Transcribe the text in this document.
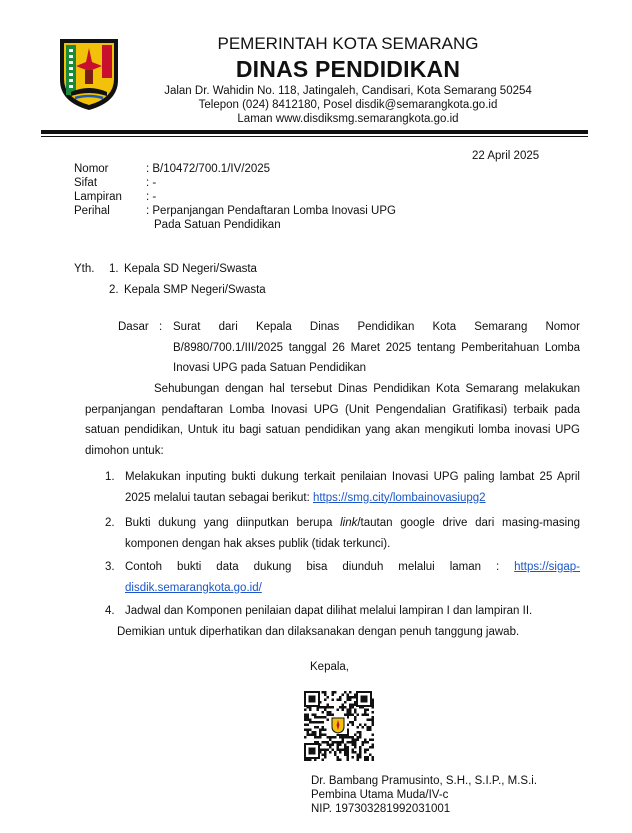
PEMERINTAH KOTA SEMARANG
DINAS PENDIDIKAN
Jalan Dr. Wahidin No. 118, Jatingaleh, Candisari, Kota Semarang 50254
Telepon (024) 8412180, Posel disdik@semarangkota.go.id
Laman www.disdiksmg.semarangkota.go.id
22 April 2025
Nomor	: B/10472/700.1/IV/2025
Sifat	: -
Lampiran	: -
Perihal	: Perpanjangan Pendaftaran Lomba Inovasi UPG
Pada Satuan Pendidikan
Yth. 1. Kepala SD Negeri/Swasta
2. Kepala SMP Negeri/Swasta
Dasar : Surat dari Kepala Dinas Pendidikan Kota Semarang Nomor B/8980/700.1/III/2025 tanggal 26 Maret 2025 tentang Pemberitahuan Lomba Inovasi UPG pada Satuan Pendidikan
Sehubungan dengan hal tersebut Dinas Pendidikan Kota Semarang melakukan perpanjangan pendaftaran Lomba Inovasi UPG (Unit Pengendalian Gratifikasi) terbaik pada satuan pendidikan, Untuk itu bagi satuan pendidikan yang akan mengikuti lomba inovasi UPG dimohon untuk:
1. Melakukan inputing bukti dukung terkait penilaian Inovasi UPG paling lambat 25 April 2025 melalui tautan sebagai berikut: https://smg.city/lombainovasiupg2
2. Bukti dukung yang diinputkan berupa link/tautan google drive dari masing-masing komponen dengan hak akses publik (tidak terkunci).
3. Contoh bukti data dukung bisa diunduh melalui laman : https://sigap-disdik.semarangkota.go.id/
4. Jadwal dan Komponen penilaian dapat dilihat melalui lampiran I dan lampiran II.
Demikian untuk diperhatikan dan dilaksanakan dengan penuh tanggung jawab.
Kepala,
Dr. Bambang Pramusinto, S.H., S.I.P., M.S.i.
Pembina Utama Muda/IV-c
NIP. 197303281992031001
